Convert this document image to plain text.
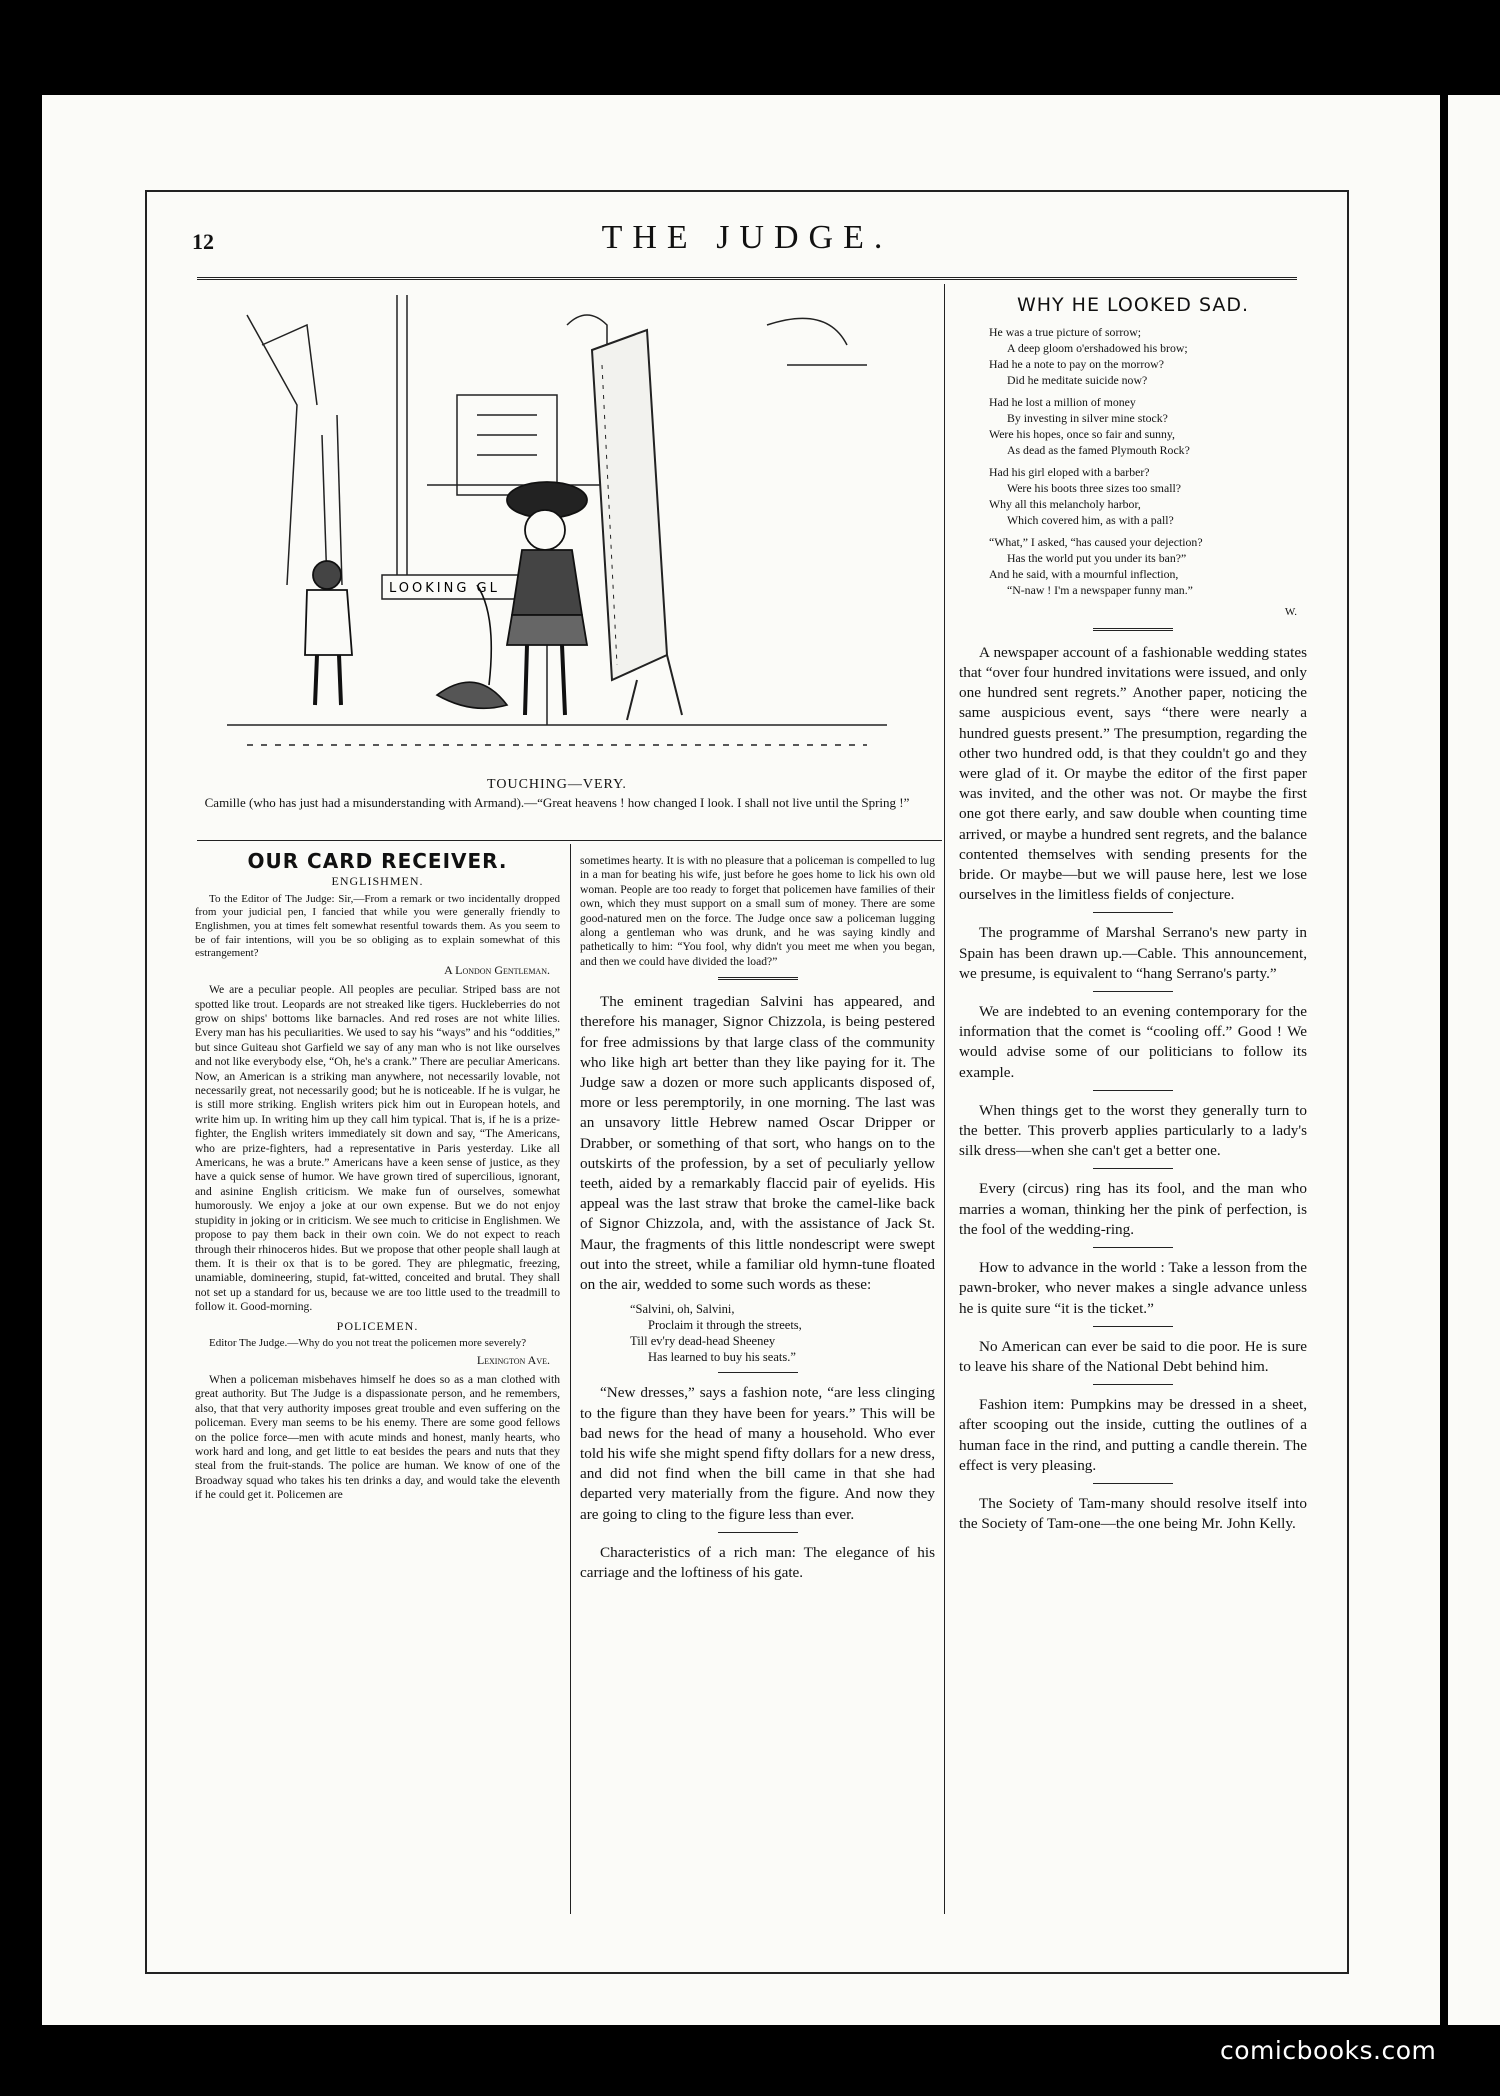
12	THE JUDGE.
LOOKING GL
TOUCHING—VERY.
Camille (who has just had a misunderstanding with Armand).—“Great heavens ! how changed I look. I shall not live until the Spring !”
OUR CARD RECEIVER.
ENGLISHMEN.

To the Editor of The Judge: Sir,—From a remark or two incidentally dropped from your judicial pen, I fancied that while you were generally friendly to Englishmen, you at times felt somewhat resentful towards them. As you seem to be of fair intentions, will you be so obliging as to explain somewhat of this estrangement?

A London Gentleman.

We are a peculiar people. All peoples are peculiar. Striped bass are not spotted like trout. Leopards are not streaked like tigers. Huckleberries do not grow on ships' bottoms like barnacles. And red roses are not white lilies. Every man has his peculiarities. We used to say his “ways” and his “oddities,” but since Guiteau shot Garfield we say of any man who is not like ourselves and not like everybody else, “Oh, he's a crank.” There are peculiar Americans. Now, an American is a striking man anywhere, not necessarily lovable, not necessarily great, not necessarily good; but he is noticeable. If he is vulgar, he is still more striking. English writers pick him out in European hotels, and write him up. In writing him up they call him typical. That is, if he is a prize-fighter, the English writers immediately sit down and say, “The Americans, who are prize-fighters, had a representative in Paris yesterday. Like all Americans, he was a brute.” Americans have a keen sense of justice, as they have a quick sense of humor. We have grown tired of supercilious, ignorant, and asinine English criticism. We make fun of ourselves, somewhat humorously. We enjoy a joke at our own expense. But we do not enjoy stupidity in joking or in criticism. We see much to criticise in Englishmen. We propose to pay them back in their own coin. We do not expect to reach through their rhinoceros hides. But we propose that other people shall laugh at them. It is their ox that is to be gored. They are phlegmatic, freezing, unamiable, domineering, stupid, fat-witted, conceited and brutal. They shall not set up a standard for us, because we are too little used to the treadmill to follow it. Good-morning.

POLICEMEN.

Editor The Judge.—Why do you not treat the policemen more severely?

Lexington Ave.

When a policeman misbehaves himself he does so as a man clothed with great authority. But The Judge is a dispassionate person, and he remembers, also, that that very authority imposes great trouble and even suffering on the policeman. Every man seems to be his enemy. There are some good fellows on the police force—men with acute minds and honest, manly hearts, who work hard and long, and get little to eat besides the pears and nuts that they steal from the fruit-stands. The police are human. We know of one of the Broadway squad who takes his ten drinks a day, and would take the eleventh if he could get it. Policemen are

sometimes hearty. It is with no pleasure that a policeman is compelled to lug in a man for beating his wife, just before he goes home to lick his own old woman. People are too ready to forget that policemen have families of their own, which they must support on a small sum of money. There are some good-natured men on the force. The Judge once saw a policeman lugging along a gentleman who was drunk, and he was saying kindly and pathetically to him: “You fool, why didn't you meet me when you began, and then we could have divided the load?”

The eminent tragedian Salvini has appeared, and therefore his manager, Signor Chizzola, is being pestered for free admissions by that large class of the community who like high art better than they like paying for it. The Judge saw a dozen or more such applicants disposed of, more or less peremptorily, in one morning. The last was an unsavory little Hebrew named Oscar Dripper or Drabber, or something of that sort, who hangs on to the outskirts of the profession, by a set of peculiarly yellow teeth, aided by a remarkably flaccid pair of eyelids. His appeal was the last straw that broke the camel-like back of Signor Chizzola, and, with the assistance of Jack St. Maur, the fragments of this little nondescript were swept out into the street, while a familiar old hymn-tune floated on the air, wedded to some such words as these:

“Salvini, oh, Salvini,
Proclaim it through the streets,
Till ev'ry dead-head Sheeney
Has learned to buy his seats.”

“New dresses,” says a fashion note, “are less clinging to the figure than they have been for years.” This will be bad news for the head of many a household. Who ever told his wife she might spend fifty dollars for a new dress, and did not find when the bill came in that she had departed very materially from the figure. And now they are going to cling to the figure less than ever.

Characteristics of a rich man: The elegance of his carriage and the loftiness of his gate.

WHY HE LOOKED SAD.
He was a true picture of sorrow;
A deep gloom o'ershadowed his brow;
Had he a note to pay on the morrow?
Did he meditate suicide now?
Had he lost a million of money
By investing in silver mine stock?
Were his hopes, once so fair and sunny,
As dead as the famed Plymouth Rock?
Had his girl eloped with a barber?
Were his boots three sizes too small?
Why all this melancholy harbor,
Which covered him, as with a pall?
“What,” I asked, “has caused your dejection?
Has the world put you under its ban?”
And he said, with a mournful inflection,
“N-naw ! I'm a newspaper funny man.”
W.

A newspaper account of a fashionable wedding states that “over four hundred invitations were issued, and only one hundred sent regrets.” Another paper, noticing the same auspicious event, says “there were nearly a hundred guests present.” The presumption, regarding the other two hundred odd, is that they couldn't go and they were glad of it. Or maybe the editor of the first paper was invited, and the other was not. Or maybe the first one got there early, and saw double when counting time arrived, or maybe a hundred sent regrets, and the balance contented themselves with sending presents for the bride. Or maybe—but we will pause here, lest we lose ourselves in the limitless fields of conjecture.

The programme of Marshal Serrano's new party in Spain has been drawn up.—Cable. This announcement, we presume, is equivalent to “hang Serrano's party.”

We are indebted to an evening contemporary for the information that the comet is “cooling off.” Good ! We would advise some of our politicians to follow its example.

When things get to the worst they generally turn to the better. This proverb applies particularly to a lady's silk dress—when she can't get a better one.

Every (circus) ring has its fool, and the man who marries a woman, thinking her the pink of perfection, is the fool of the wedding-ring.

How to advance in the world : Take a lesson from the pawn-broker, who never makes a single advance unless he is quite sure “it is the ticket.”

No American can ever be said to die poor. He is sure to leave his share of the National Debt behind him.

Fashion item: Pumpkins may be dressed in a sheet, after scooping out the inside, cutting the outlines of a human face in the rind, and putting a candle therein. The effect is very pleasing.

The Society of Tam-many should resolve itself into the Society of Tam-one—the one being Mr. John Kelly.

comicbooks.com
